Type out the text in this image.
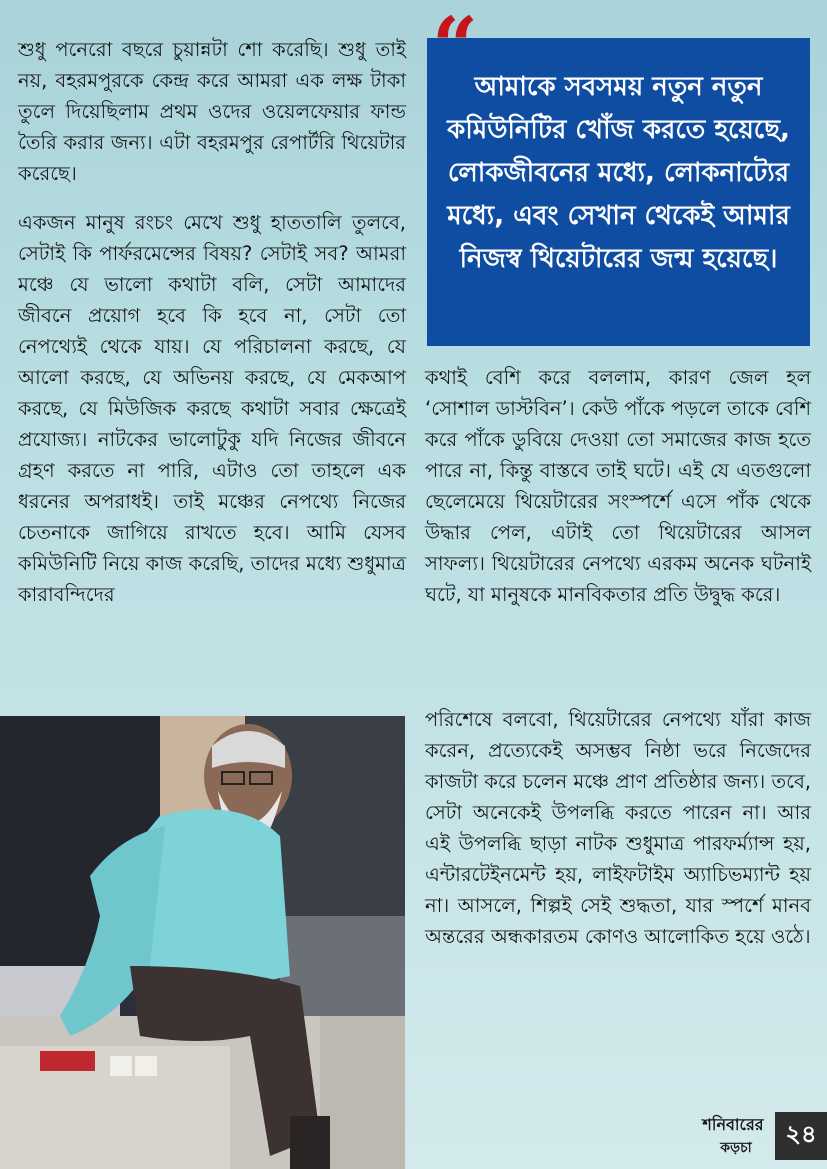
শুধু পনেরো বছরে চুয়ান্নটা শো করেছি। শুধু তাই নয়, বহরমপুরকে কেন্দ্র করে আমরা এক লক্ষ টাকা তুলে দিয়েছিলাম প্রথম ওদের ওয়েলফেয়ার ফান্ড তৈরি করার জন্য। এটা বহরমপুর রেপার্টরি থিয়েটার করেছে।

একজন মানুষ রংচং মেখে শুধু হাততালি তুলবে, সেটাই কি পার্ফরমেন্সের বিষয়? সেটাই সব? আমরা মঞ্চে যে ভালো কথাটা বলি, সেটা আমাদের জীবনে প্রয়োগ হবে কি হবে না, সেটা তো নেপথ্যেই থেকে যায়। যে পরিচালনা করছে, যে আলো করছে, যে অভিনয় করছে, যে মেকআপ করছে, যে মিউজিক করছে কথাটা সবার ক্ষেত্রেই প্রযোজ্য। নাটকের ভালোটুকু যদি নিজের জীবনে গ্রহণ করতে না পারি, এটাও তো তাহলে এক ধরনের অপরাধই। তাই মঞ্চের নেপথ্যে নিজের চেতনাকে জাগিয়ে রাখতে হবে। আমি যেসব কমিউনিটি নিয়ে কাজ করেছি, তাদের মধ্যে শুধুমাত্র কারাবন্দিদের

আমাকে সবসময় নতুন নতুন কমিউনিটির খোঁজ করতে হয়েছে, লোকজীবনের মধ্যে, লোকনাট্যের মধ্যে, এবং সেখান থেকেই আমার নিজস্ব থিয়েটারের জন্ম হয়েছে।

কথাই বেশি করে বললাম, কারণ জেল হল ‘সোশাল ডাস্টবিন’। কেউ পাঁকে পড়লে তাকে বেশি করে পাঁকে ডুবিয়ে দেওয়া তো সমাজের কাজ হতে পারে না, কিন্তু বাস্তবে তাই ঘটে। এই যে এতগুলো ছেলেমেয়ে থিয়েটারের সংস্পর্শে এসে পাঁক থেকে উদ্ধার পেল, এটাই তো থিয়েটারের আসল সাফল্য। থিয়েটারের নেপথ্যে এরকম অনেক ঘটনাই ঘটে, যা মানুষকে মানবিকতার প্রতি উদ্বুদ্ধ করে।

পরিশেষে বলবো, থিয়েটারের নেপথ্যে যাঁরা কাজ করেন, প্রত্যেকেই অসম্ভব নিষ্ঠা ভরে নিজেদের কাজটা করে চলেন মঞ্চে প্রাণ প্রতিষ্ঠার জন্য। তবে, সেটা অনেকেই উপলব্ধি করতে পারেন না। আর এই উপলব্ধি ছাড়া নাটক শুধুমাত্র পারফর্ম্যান্স হয়, এন্টারটেইনমেন্ট হয়, লাইফটাইম অ্যাচিভম্যান্ট হয় না। আসলে, শিল্পই সেই শুদ্ধতা, যার স্পর্শে মানব অন্তরের অন্ধকারতম কোণও আলোকিত হয়ে ওঠে।

শনিবারের
কড়চা	২৪
